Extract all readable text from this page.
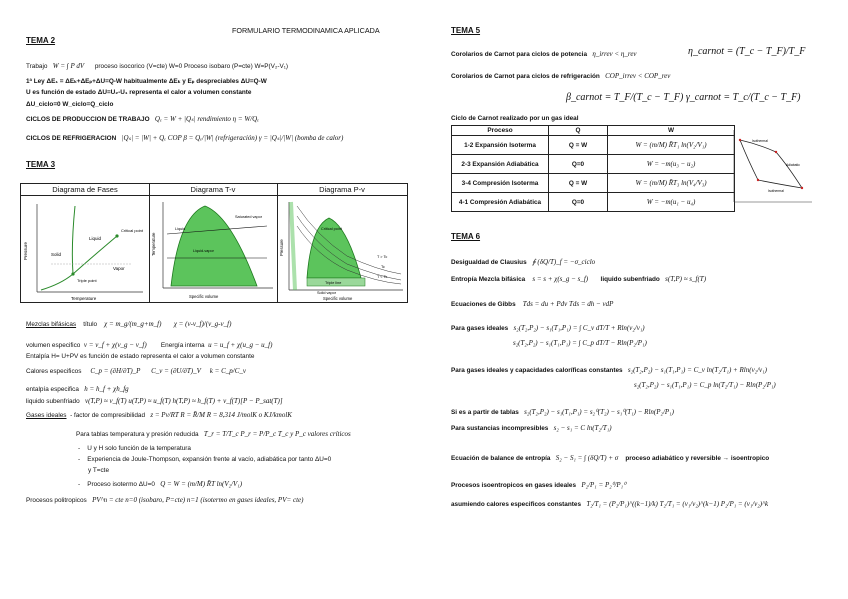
FORMULARIO TERMODINAMICA APLICADA
TEMA 2
Trabajo W = ∫ P dV proceso isocorico (V=cte) W=0 Proceso isobaro (P=cte) W=P(V₂-V₁)
1ª Ley ΔE₁ = ΔEₖ+ΔEₚ+ΔU=Q-W habitualmente ΔEₖ y Eₚ despreciables ΔU=Q-W
U es función de estado ΔU=U₂-U₁ representa el calor a volumen constante
ΔU_ciclo=0 W_ciclo=Q_ciclo
CICLOS DE PRODUCCION DE TRABAJO Qₑ = W + |Qₛ| rendimiento η = W/Qₑ
CICLOS DE REFRIGERACION |Qₛ| = |W| + Qₑ COP β = Qₑ/|W| (refrigeración) γ = |Qₛ|/|W| (bomba de calor)
TEMA 3
Diagrama de Fases
Solid
Liquid
Vapor
Critical point
Triple point
Temperature
Pressure
Diagrama T-v
Liquid
Liquid-vapor
Saturated vapor
Specific volume
Temperature
Diagrama P-v
Critical point
Triple line
Solid vapor
T > Tc
Tc
T < Tc
Specific volume
Pressure
Mezclas bifásicas título χ = m_g/(m_g+m_f) χ = (v-v_f)/(v_g-v_f)
volumen especifico v = v_f + χ(v_g − v_f) Energía interna u = u_f + χ(u_g − u_f)
Entalpía H= U+PV es función de estado representa el calor a volumen constante
Calores especificos C_p = (∂H/∂T)_P C_v = (∂U/∂T)_V k = C_p/C_v
entalpía especifica h = h_f + χh_fg
liquido subenfriado v(T,P) ≈ v_f(T) u(T,P) ≈ u_f(T) h(T,P) ≈ h_f(T) + v_f(T)[P − P_sat(T)]
Gases ideales - factor de compresibilidad z = Pv/RT R = R̄/M R = 8,314 J/molK o KJ/kmolK
Para tablas temperatura y presión reducida T_r = T/T_c P_r = P/P_c T_c y P_c valores críticos
-    U y H solo función de la temperatura
-    Experiencia de Joule-Thompson, expansión frente al vacío, adiabática por tanto ΔU=0
y T=cte
-    Proceso isotermo ΔU=0 Q = W = (m/M) R̄T ln(V₂/V₁)
Procesos politropicos PV^n = cte n=0 (isobaro, P=cte) n=1 (isotermo en gases ideales, PV= cte)
TEMA 5
Corolarios de Carnot para ciclos de potencia η_irrev < η_rev	η_carnot = (T_c − T_F)/T_F
Corolarios de Carnot para ciclos de refrigeración COP_irrev < COP_rev
β_carnot = T_F/(T_c − T_F) γ_carnot = T_c/(T_c − T_F)
Ciclo de Carnot realizado por un gas ideal
Proceso	Q	W
1-2 Expansión Isoterma	Q = W	W = (m/M) R̄T₁ ln(V₂/V₁)
2-3 Expansión Adiabática	Q=0	W = −m(u₃ − u₂)
3-4 Compresión Isoterma	Q = W	W = (m/M) R̄T₃ ln(V₄/V₃)
4-1 Compresión Adiabática	Q=0	W = −m(u₁ − u₄)
Isothermal
Adiabatic
Isothermal
TEMA 6
Desigualdad de Clausius ∮ (δQ/T)_f = −σ_ciclo
Entropía Mezcla bifásica s = s + χ(s_g − s_f) liquido subenfriado s(T,P) ≈ s_f(T)
Ecuaciones de Gibbs Tds = du + Pdv Tds = dh − vdP
Para gases ideales s₂(T₂,P₂) − s₁(T₁,P₁) = ∫ C_v dT/T + Rln(v₂/v₁)
s₂(T₂,P₂) − s₁(T₁,P₁) = ∫ C_p dT/T − Rln(P₂/P₁)
Para gases ideales y capacidades caloríficas constantes s₂(T₂,P₂) − s₁(T₁,P₁) = C_v ln(T₂/T₁) + Rln(v₂/v₁)
s₂(T₂,P₂) − s₁(T₁,P₁) = C_p ln(T₂/T₁) − Rln(P₂/P₁)
Si es a partir de tablas s₂(T₂,P₂) − s₁(T₁,P₁) = s₂⁰(T₂) − s₁⁰(T₁) − Rln(P₂/P₁)
Para sustancias incompresibles s₂ − s₁ = C ln(T₂/T₁)
Ecuación de balance de entropía S₂ − S₁ = ∫ (δQ/T) + σ proceso adiabático y reversible → isoentropico
Procesos isoentropicos en gases ideales P₂/P₁ = P₂⁰/P₁⁰
asumiendo calores especificos constantes T₂/T₁ = (P₂/P₁)^((k−1)/k) T₂/T₁ = (v₁/v₂)^(k−1) P₂/P₁ = (v₁/v₂)^k
